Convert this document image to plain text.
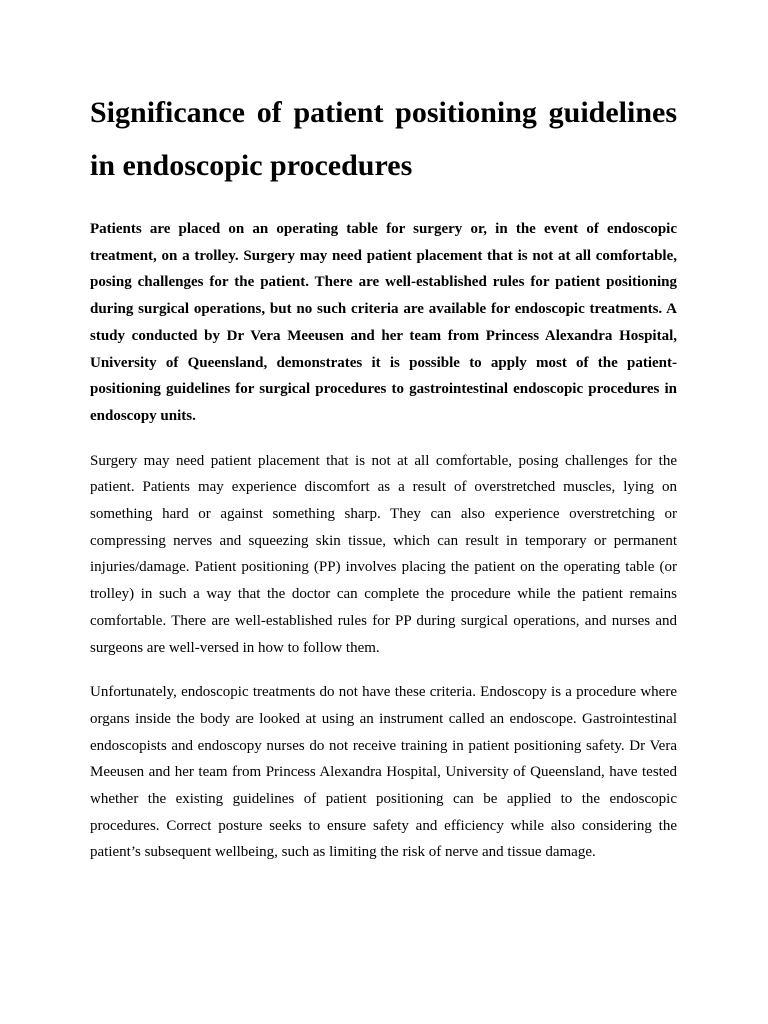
Significance of patient positioning guidelines in endoscopic procedures

Patients are placed on an operating table for surgery or, in the event of endoscopic treatment, on a trolley. Surgery may need patient placement that is not at all comfortable, posing challenges for the patient. There are well-established rules for patient positioning during surgical operations, but no such criteria are available for endoscopic treatments. A study conducted by Dr Vera Meeusen and her team from Princess Alexandra Hospital, University of Queensland, demonstrates it is possible to apply most of the patient-positioning guidelines for surgical procedures to gastrointestinal endoscopic procedures in endoscopy units.

Surgery may need patient placement that is not at all comfortable, posing challenges for the patient. Patients may experience discomfort as a result of overstretched muscles, lying on something hard or against something sharp. They can also experience overstretching or compressing nerves and squeezing skin tissue, which can result in temporary or permanent injuries/damage. Patient positioning (PP) involves placing the patient on the operating table (or trolley) in such a way that the doctor can complete the procedure while the patient remains comfortable. There are well-established rules for PP during surgical operations, and nurses and surgeons are well-versed in how to follow them.

Unfortunately, endoscopic treatments do not have these criteria. Endoscopy is a procedure where organs inside the body are looked at using an instrument called an endoscope. Gastrointestinal endoscopists and endoscopy nurses do not receive training in patient positioning safety. Dr Vera Meeusen and her team from Princess Alexandra Hospital, University of Queensland, have tested whether the existing guidelines of patient positioning can be applied to the endoscopic procedures. Correct posture seeks to ensure safety and efficiency while also considering the patient’s subsequent wellbeing, such as limiting the risk of nerve and tissue damage.
